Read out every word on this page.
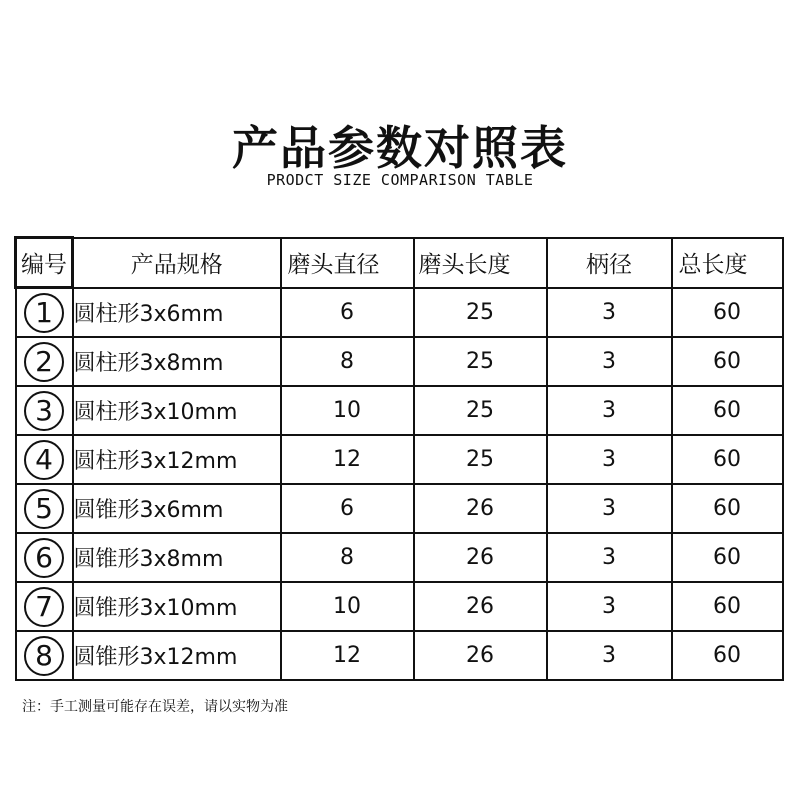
产品参数对照表
PRODCT SIZE COMPARISON TABLE
编号	产品规格	磨头直径	磨头长度	柄径	总长度
1	圆柱形3x6mm	6	25	3	60
2	圆柱形3x8mm	8	25	3	60
3	圆柱形3x10mm	10	25	3	60
4	圆柱形3x12mm	12	25	3	60
5	圆锥形3x6mm	6	26	3	60
6	圆锥形3x8mm	8	26	3	60
7	圆锥形3x10mm	10	26	3	60
8	圆锥形3x12mm	12	26	3	60
注：手工测量可能存在误差，请以实物为准
